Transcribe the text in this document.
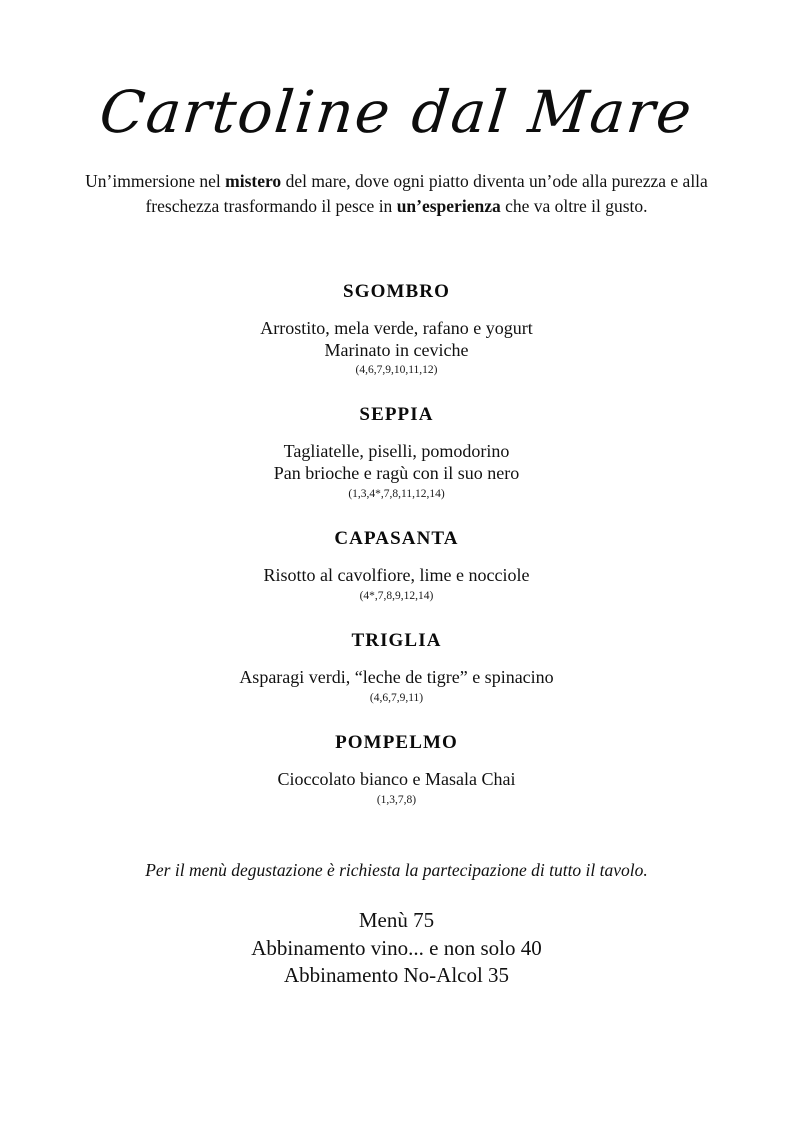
Cartoline dal Mare

Un’immersione nel mistero del mare, dove ogni piatto diventa un’ode alla purezza e alla freschezza trasformando il pesce in un’esperienza che va oltre il gusto.

SGOMBRO
Arrostito, mela verde, rafano e yogurt
Marinato in ceviche
(4,6,7,9,10,11,12)
SEPPIA
Tagliatelle, piselli, pomodorino
Pan brioche e ragù con il suo nero
(1,3,4*,7,8,11,12,14)
CAPASANTA
Risotto al cavolfiore, lime e nocciole
(4*,7,8,9,12,14)
TRIGLIA
Asparagi verdi, “leche de tigre” e spinacino
(4,6,7,9,11)
POMPELMO
Cioccolato bianco e Masala Chai
(1,3,7,8)
Per il menù degustazione è richiesta la partecipazione di tutto il tavolo.
Menù 75
Abbinamento vino... e non solo 40
Abbinamento No-Alcol 35
